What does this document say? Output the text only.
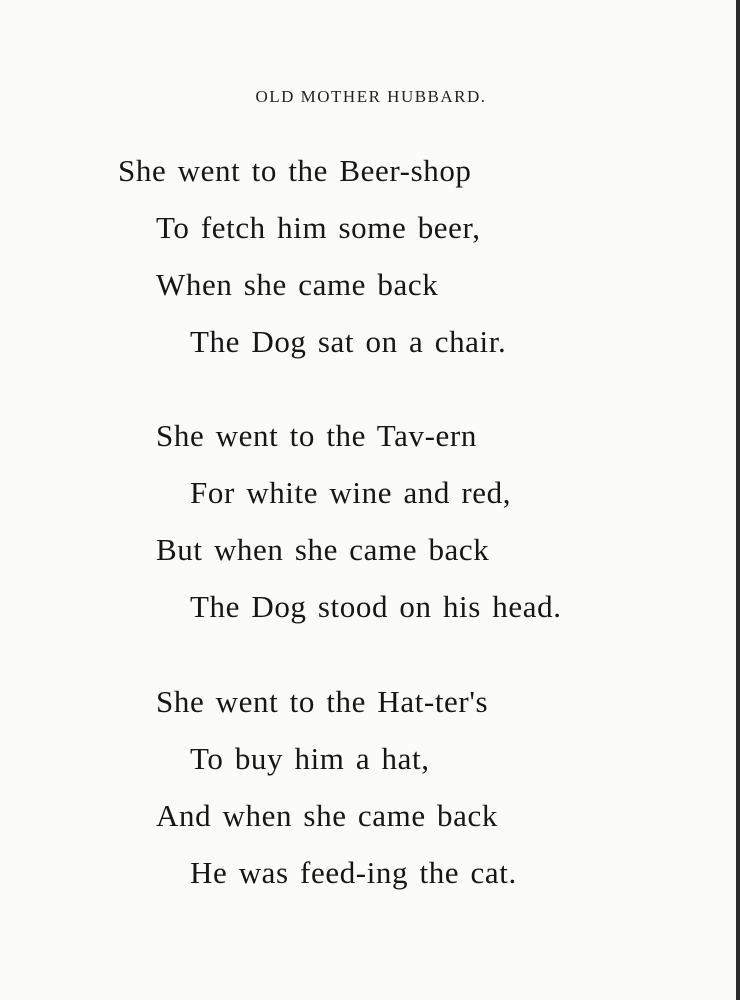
OLD MOTHER HUBBARD.
She went to the Beer-shop
To fetch him some beer,
When she came back
The Dog sat on a chair.
She went to the Tav-ern
For white wine and red,
But when she came back
The Dog stood on his head.
She went to the Hat-ter's
To buy him a hat,
And when she came back
He was feed-ing the cat.
